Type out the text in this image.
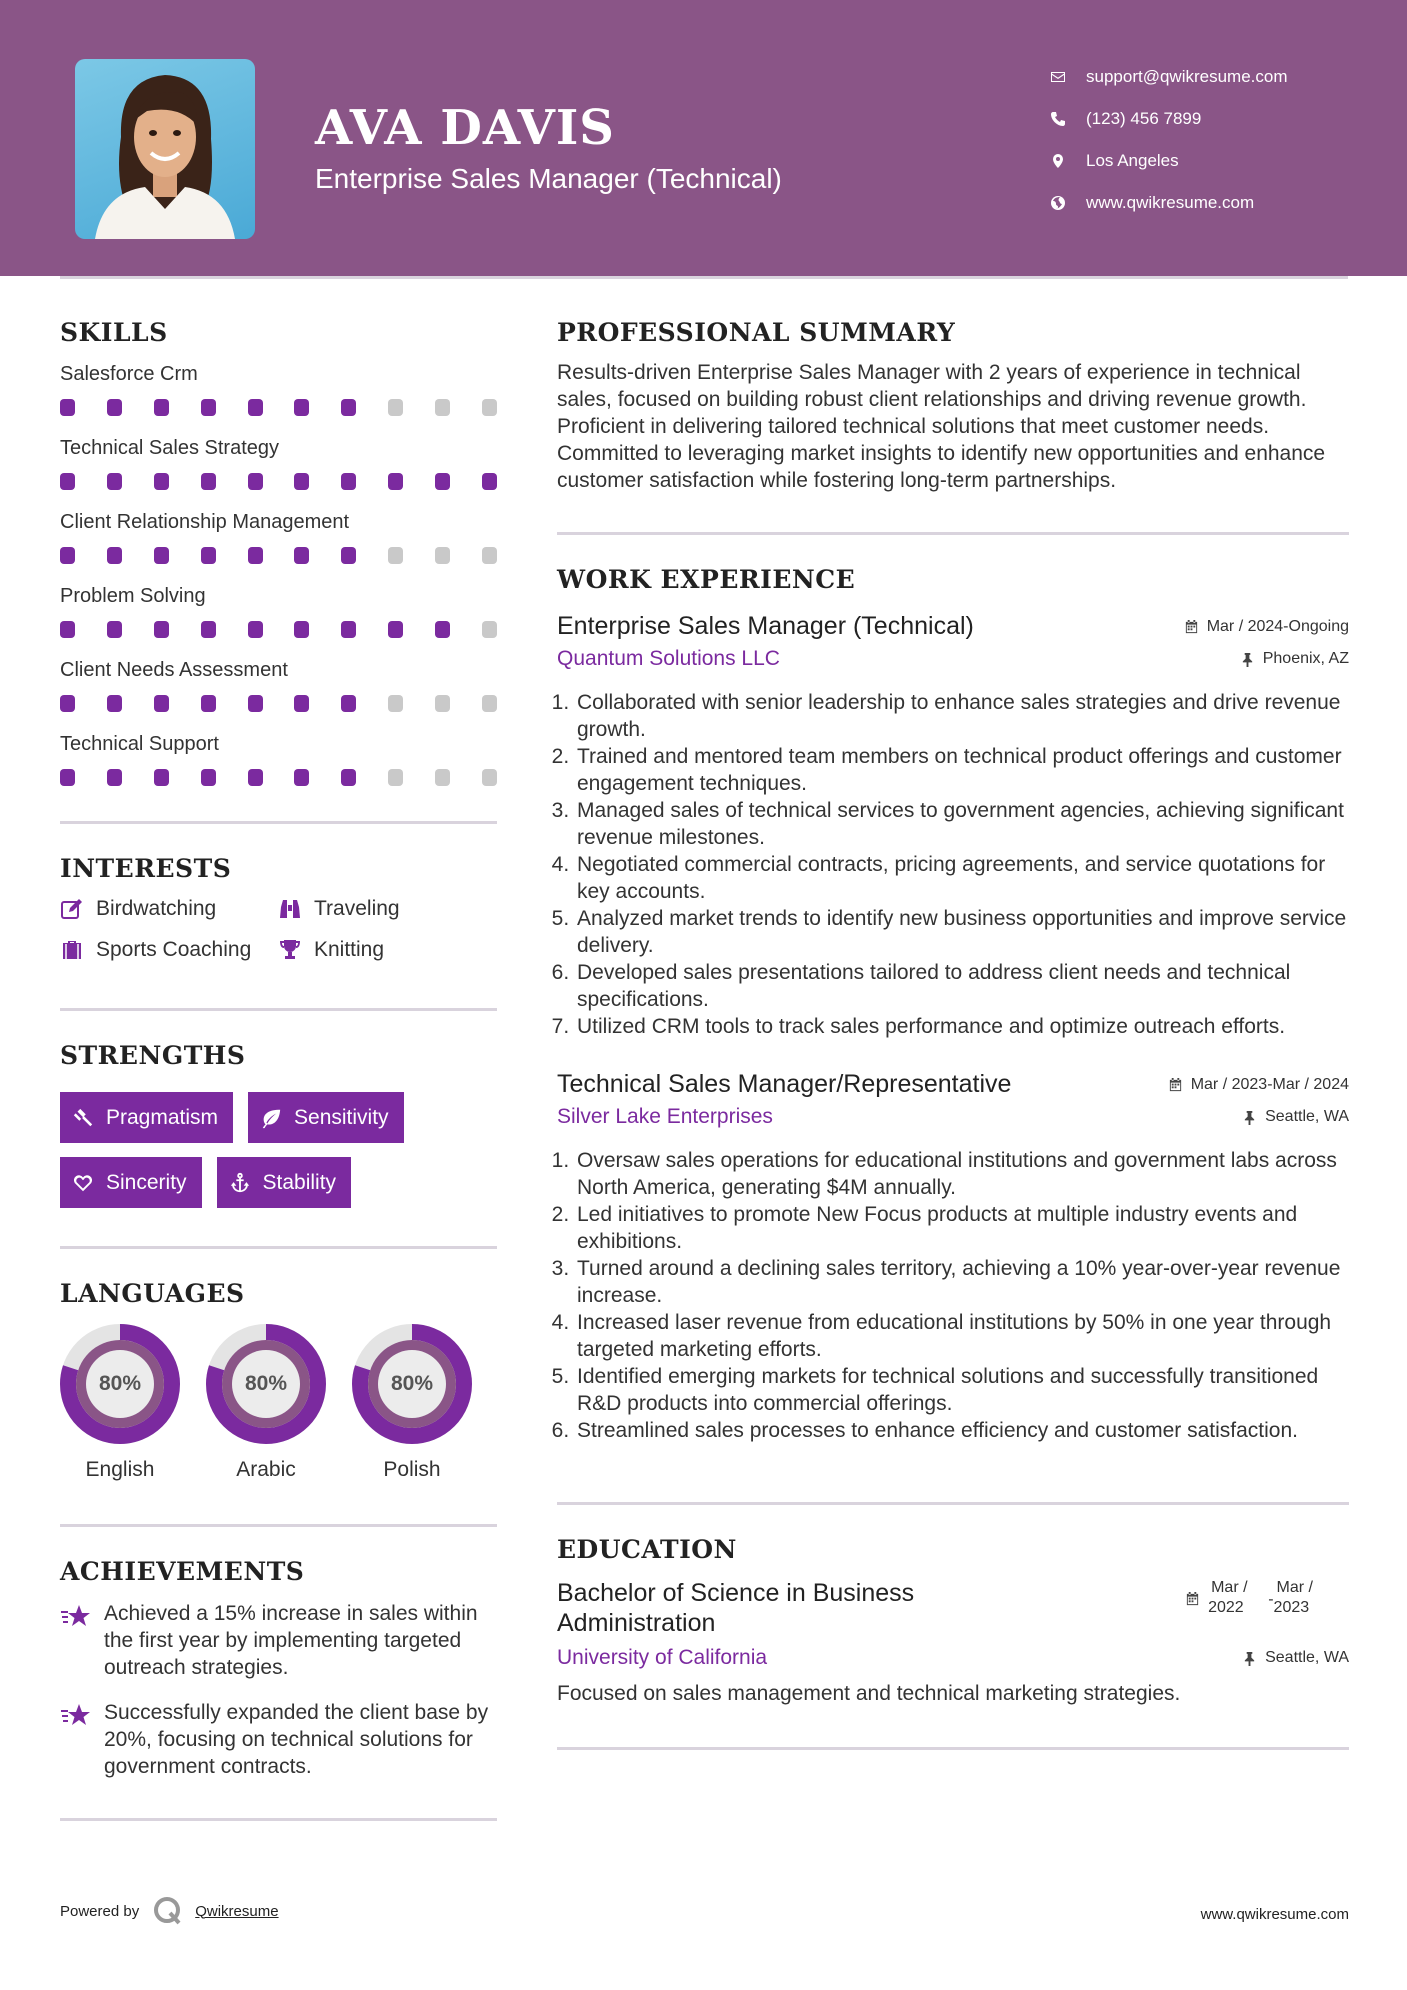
AVA DAVIS
Enterprise Sales Manager (Technical)
support@qwikresume.com
(123) 456 7899
Los Angeles
www.qwikresume.com
SKILLS
Salesforce Crm
Technical Sales Strategy
Client Relationship Management
Problem Solving
Client Needs Assessment
Technical Support
INTERESTS
Birdwatching	Traveling
Sports Coaching	Knitting
STRENGTHS
Pragmatism	Sensitivity
Sincerity	Stability
LANGUAGES
80%
English
80%
Arabic
80%
Polish
ACHIEVEMENTS
Achieved a 15% increase in sales within the first year by implementing targeted outreach strategies.
Successfully expanded the client base by 20%, focusing on technical solutions for government contracts.
PROFESSIONAL SUMMARY
Results-driven Enterprise Sales Manager with 2 years of experience in technical sales, focused on building robust client relationships and driving revenue growth. Proficient in delivering tailored technical solutions that meet customer needs. Committed to leveraging market insights to identify new opportunities and enhance customer satisfaction while fostering long-term partnerships.
WORK EXPERIENCE
Enterprise Sales Manager (Technical)	Mar / 2024-Ongoing
Quantum Solutions LLC	Phoenix, AZ
1. Collaborated with senior leadership to enhance sales strategies and drive revenue growth.
2. Trained and mentored team members on technical product offerings and customer engagement techniques.
3. Managed sales of technical services to government agencies, achieving significant revenue milestones.
4. Negotiated commercial contracts, pricing agreements, and service quotations for key accounts.
5. Analyzed market trends to identify new business opportunities and improve service delivery.
6. Developed sales presentations tailored to address client needs and technical specifications.
7. Utilized CRM tools to track sales performance and optimize outreach efforts.
Technical Sales Manager/Representative	Mar / 2023-Mar / 2024
Silver Lake Enterprises	Seattle, WA
1. Oversaw sales operations for educational institutions and government labs across North America, generating $4M annually.
2. Led initiatives to promote New Focus products at multiple industry events and exhibitions.
3. Turned around a declining sales territory, achieving a 10% year-over-year revenue increase.
4. Increased laser revenue from educational institutions by 50% in one year through targeted marketing efforts.
5. Identified emerging markets for technical solutions and successfully transitioned R&D products into commercial offerings.
6. Streamlined sales processes to enhance efficiency and customer satisfaction.
EDUCATION
Bachelor of Science in Business
Administration
Mar /
2022	-
Mar /
2023
University of California	Seattle, WA
Focused on sales management and technical marketing strategies.
Powered by	Qwikresume	www.qwikresume.com
